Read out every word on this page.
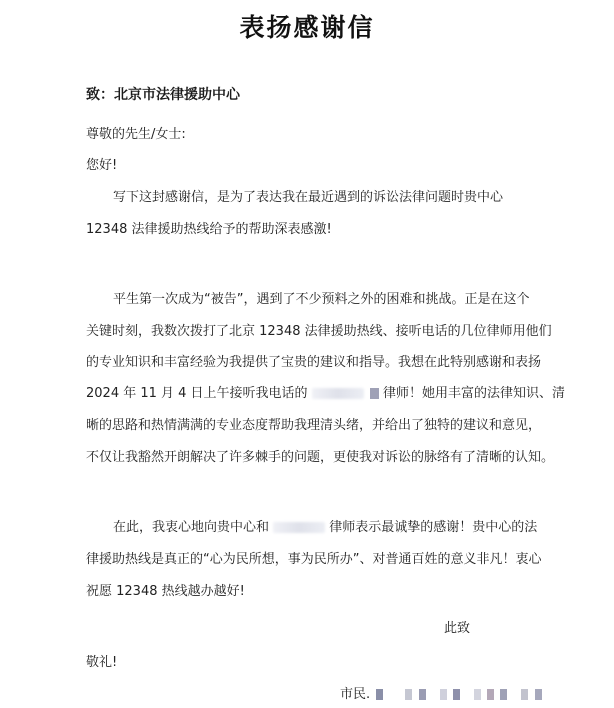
表扬感谢信
致：北京市法律援助中心
尊敬的先生/女士:
您好!
写下这封感谢信，是为了表达我在最近遇到的诉讼法律问题时贵中心
12348 法律援助热线给予的帮助深表感激!
平生第一次成为“被告”，遇到了不少预料之外的困难和挑战。正是在这个
关键时刻，我数次拨打了北京 12348 法律援助热线、接听电话的几位律师用他们
的专业知识和丰富经验为我提供了宝贵的建议和指导。我想在此特别感谢和表扬
2024 年 11 月 4 日上午接听我电话的	律师！她用丰富的法律知识、清
晰的思路和热情满满的专业态度帮助我理清头绪，并给出了独特的建议和意见，
不仅让我豁然开朗解决了许多棘手的问题，更使我对诉讼的脉络有了清晰的认知。
在此，我衷心地向贵中心和	律师表示最诚挚的感谢！贵中心的法
律援助热线是真正的“心为民所想，事为民所办”、对普通百姓的意义非凡！衷心
祝愿 12348 热线越办越好!
此致
敬礼!
市民.
